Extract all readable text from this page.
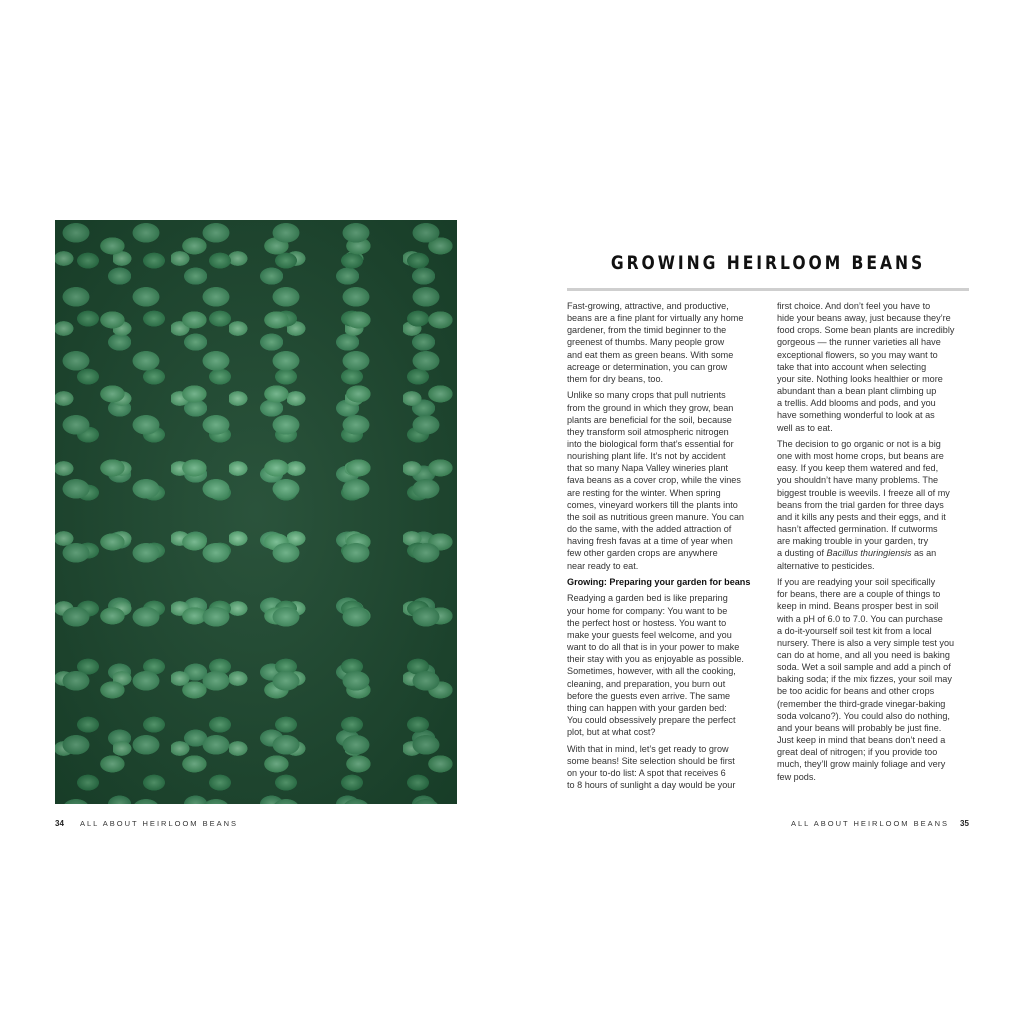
GROWING HEIRLOOM BEANS
Fast-growing, attractive, and productive,
beans are a fine plant for virtually any home
gardener, from the timid beginner to the
greenest of thumbs. Many people grow
and eat them as green beans. With some
acreage or determination, you can grow
them for dry beans, too.
Unlike so many crops that pull nutrients
from the ground in which they grow, bean
plants are beneficial for the soil, because
they transform soil atmospheric nitrogen
into the biological form that’s essential for
nourishing plant life. It’s not by accident
that so many Napa Valley wineries plant
fava beans as a cover crop, while the vines
are resting for the winter. When spring
comes, vineyard workers till the plants into
the soil as nutritious green manure. You can
do the same, with the added attraction of
having fresh favas at a time of year when
few other garden crops are anywhere
near ready to eat.
Growing: Preparing your garden for beans
Readying a garden bed is like preparing
your home for company: You want to be
the perfect host or hostess. You want to
make your guests feel welcome, and you
want to do all that is in your power to make
their stay with you as enjoyable as possible.
Sometimes, however, with all the cooking,
cleaning, and preparation, you burn out
before the guests even arrive. The same
thing can happen with your garden bed:
You could obsessively prepare the perfect
plot, but at what cost?
With that in mind, let’s get ready to grow
some beans! Site selection should be first
on your to-do list: A spot that receives 6
to 8 hours of sunlight a day would be your
first choice. And don’t feel you have to
hide your beans away, just because they’re
food crops. Some bean plants are incredibly
gorgeous — the runner varieties all have
exceptional flowers, so you may want to
take that into account when selecting
your site. Nothing looks healthier or more
abundant than a bean plant climbing up
a trellis. Add blooms and pods, and you
have something wonderful to look at as
well as to eat.
The decision to go organic or not is a big
one with most home crops, but beans are
easy. If you keep them watered and fed,
you shouldn’t have many problems. The
biggest trouble is weevils. I freeze all of my
beans from the trial garden for three days
and it kills any pests and their eggs, and it
hasn’t affected germination. If cutworms
are making trouble in your garden, try
a dusting of Bacillus thuringiensis as an
alternative to pesticides.
If you are readying your soil specifically
for beans, there are a couple of things to
keep in mind. Beans prosper best in soil
with a pH of 6.0 to 7.0. You can purchase
a do-it-yourself soil test kit from a local
nursery. There is also a very simple test you
can do at home, and all you need is baking
soda. Wet a soil sample and add a pinch of
baking soda; if the mix fizzes, your soil may
be too acidic for beans and other crops
(remember the third-grade vinegar-baking
soda volcano?). You could also do nothing,
and your beans will probably be just fine.
Just keep in mind that beans don’t need a
great deal of nitrogen; if you provide too
much, they’ll grow mainly foliage and very
few pods.
34 ALL ABOUT HEIRLOOM BEANS	ALL ABOUT HEIRLOOM BEANS 35
